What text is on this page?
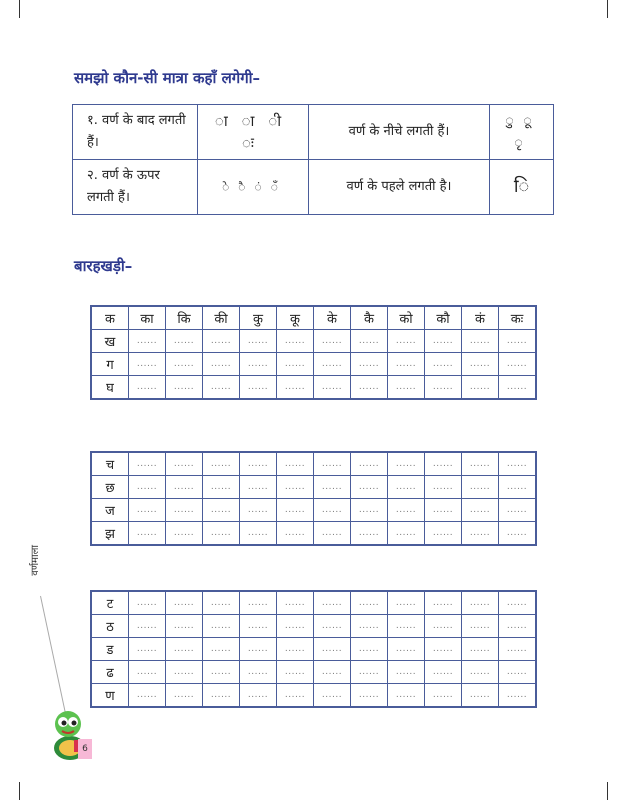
समझो कौन-सी मात्रा कहाँ लगेगी–
१. वर्ण के बाद लगती हैं।	ा ा ी ः	वर्ण के नीचे लगती हैं।	ु ू ृ
२. वर्ण के ऊपर लगती हैं।	े ै ं ँ	वर्ण के पहले लगती है।	ि
बारहखड़ी–
क	का	कि	की	कु	कू	के	कै	को	कौ	कं	कः
ख	......	......	......	......	......	......	......	......	......	......	......
ग	......	......	......	......	......	......	......	......	......	......	......
घ	......	......	......	......	......	......	......	......	......	......	......
च	......	......	......	......	......	......	......	......	......	......	......
छ	......	......	......	......	......	......	......	......	......	......	......
ज	......	......	......	......	......	......	......	......	......	......	......
झ	......	......	......	......	......	......	......	......	......	......	......
ट	......	......	......	......	......	......	......	......	......	......	......
ठ	......	......	......	......	......	......	......	......	......	......	......
ड	......	......	......	......	......	......	......	......	......	......	......
ढ	......	......	......	......	......	......	......	......	......	......	......
ण	......	......	......	......	......	......	......	......	......	......	......
वर्णमाला
6
